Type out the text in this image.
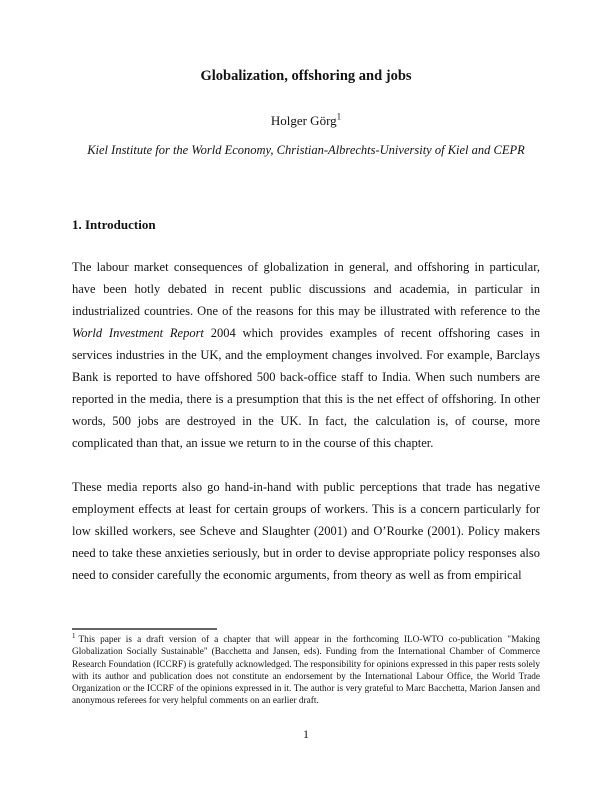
Globalization, offshoring and jobs

Holger Görg$^1$

Kiel Institute for the World Economy, Christian-Albrechts-University of Kiel and CEPR

1. Introduction

The labour market consequences of globalization in general, and offshoring in particular, have been hotly debated in recent public discussions and academia, in particular in industrialized countries. One of the reasons for this may be illustrated with reference to the World Investment Report 2004 which provides examples of recent offshoring cases in services industries in the UK, and the employment changes involved. For example, Barclays Bank is reported to have offshored 500 back-office staff to India. When such numbers are reported in the media, there is a presumption that this is the net effect of offshoring. In other words, 500 jobs are destroyed in the UK. In fact, the calculation is, of course, more complicated than that, an issue we return to in the course of this chapter.

These media reports also go hand-in-hand with public perceptions that trade has negative employment effects at least for certain groups of workers. This is a concern particularly for low skilled workers, see Scheve and Slaughter (2001) and O’Rourke (2001). Policy makers need to take these anxieties seriously, but in order to devise appropriate policy responses also need to consider carefully the economic arguments, from theory as well as from empirical

$^1$ This paper is a draft version of a chapter that will appear in the forthcoming ILO-WTO co-publication "Making Globalization Socially Sustainable" (Bacchetta and Jansen, eds). Funding from the International Chamber of Commerce Research Foundation (ICCRF) is gratefully acknowledged. The responsibility for opinions expressed in this paper rests solely with its author and publication does not constitute an endorsement by the International Labour Office, the World Trade Organization or the ICCRF of the opinions expressed in it. The author is very grateful to Marc Bacchetta, Marion Jansen and anonymous referees for very helpful comments on an earlier draft.

1
